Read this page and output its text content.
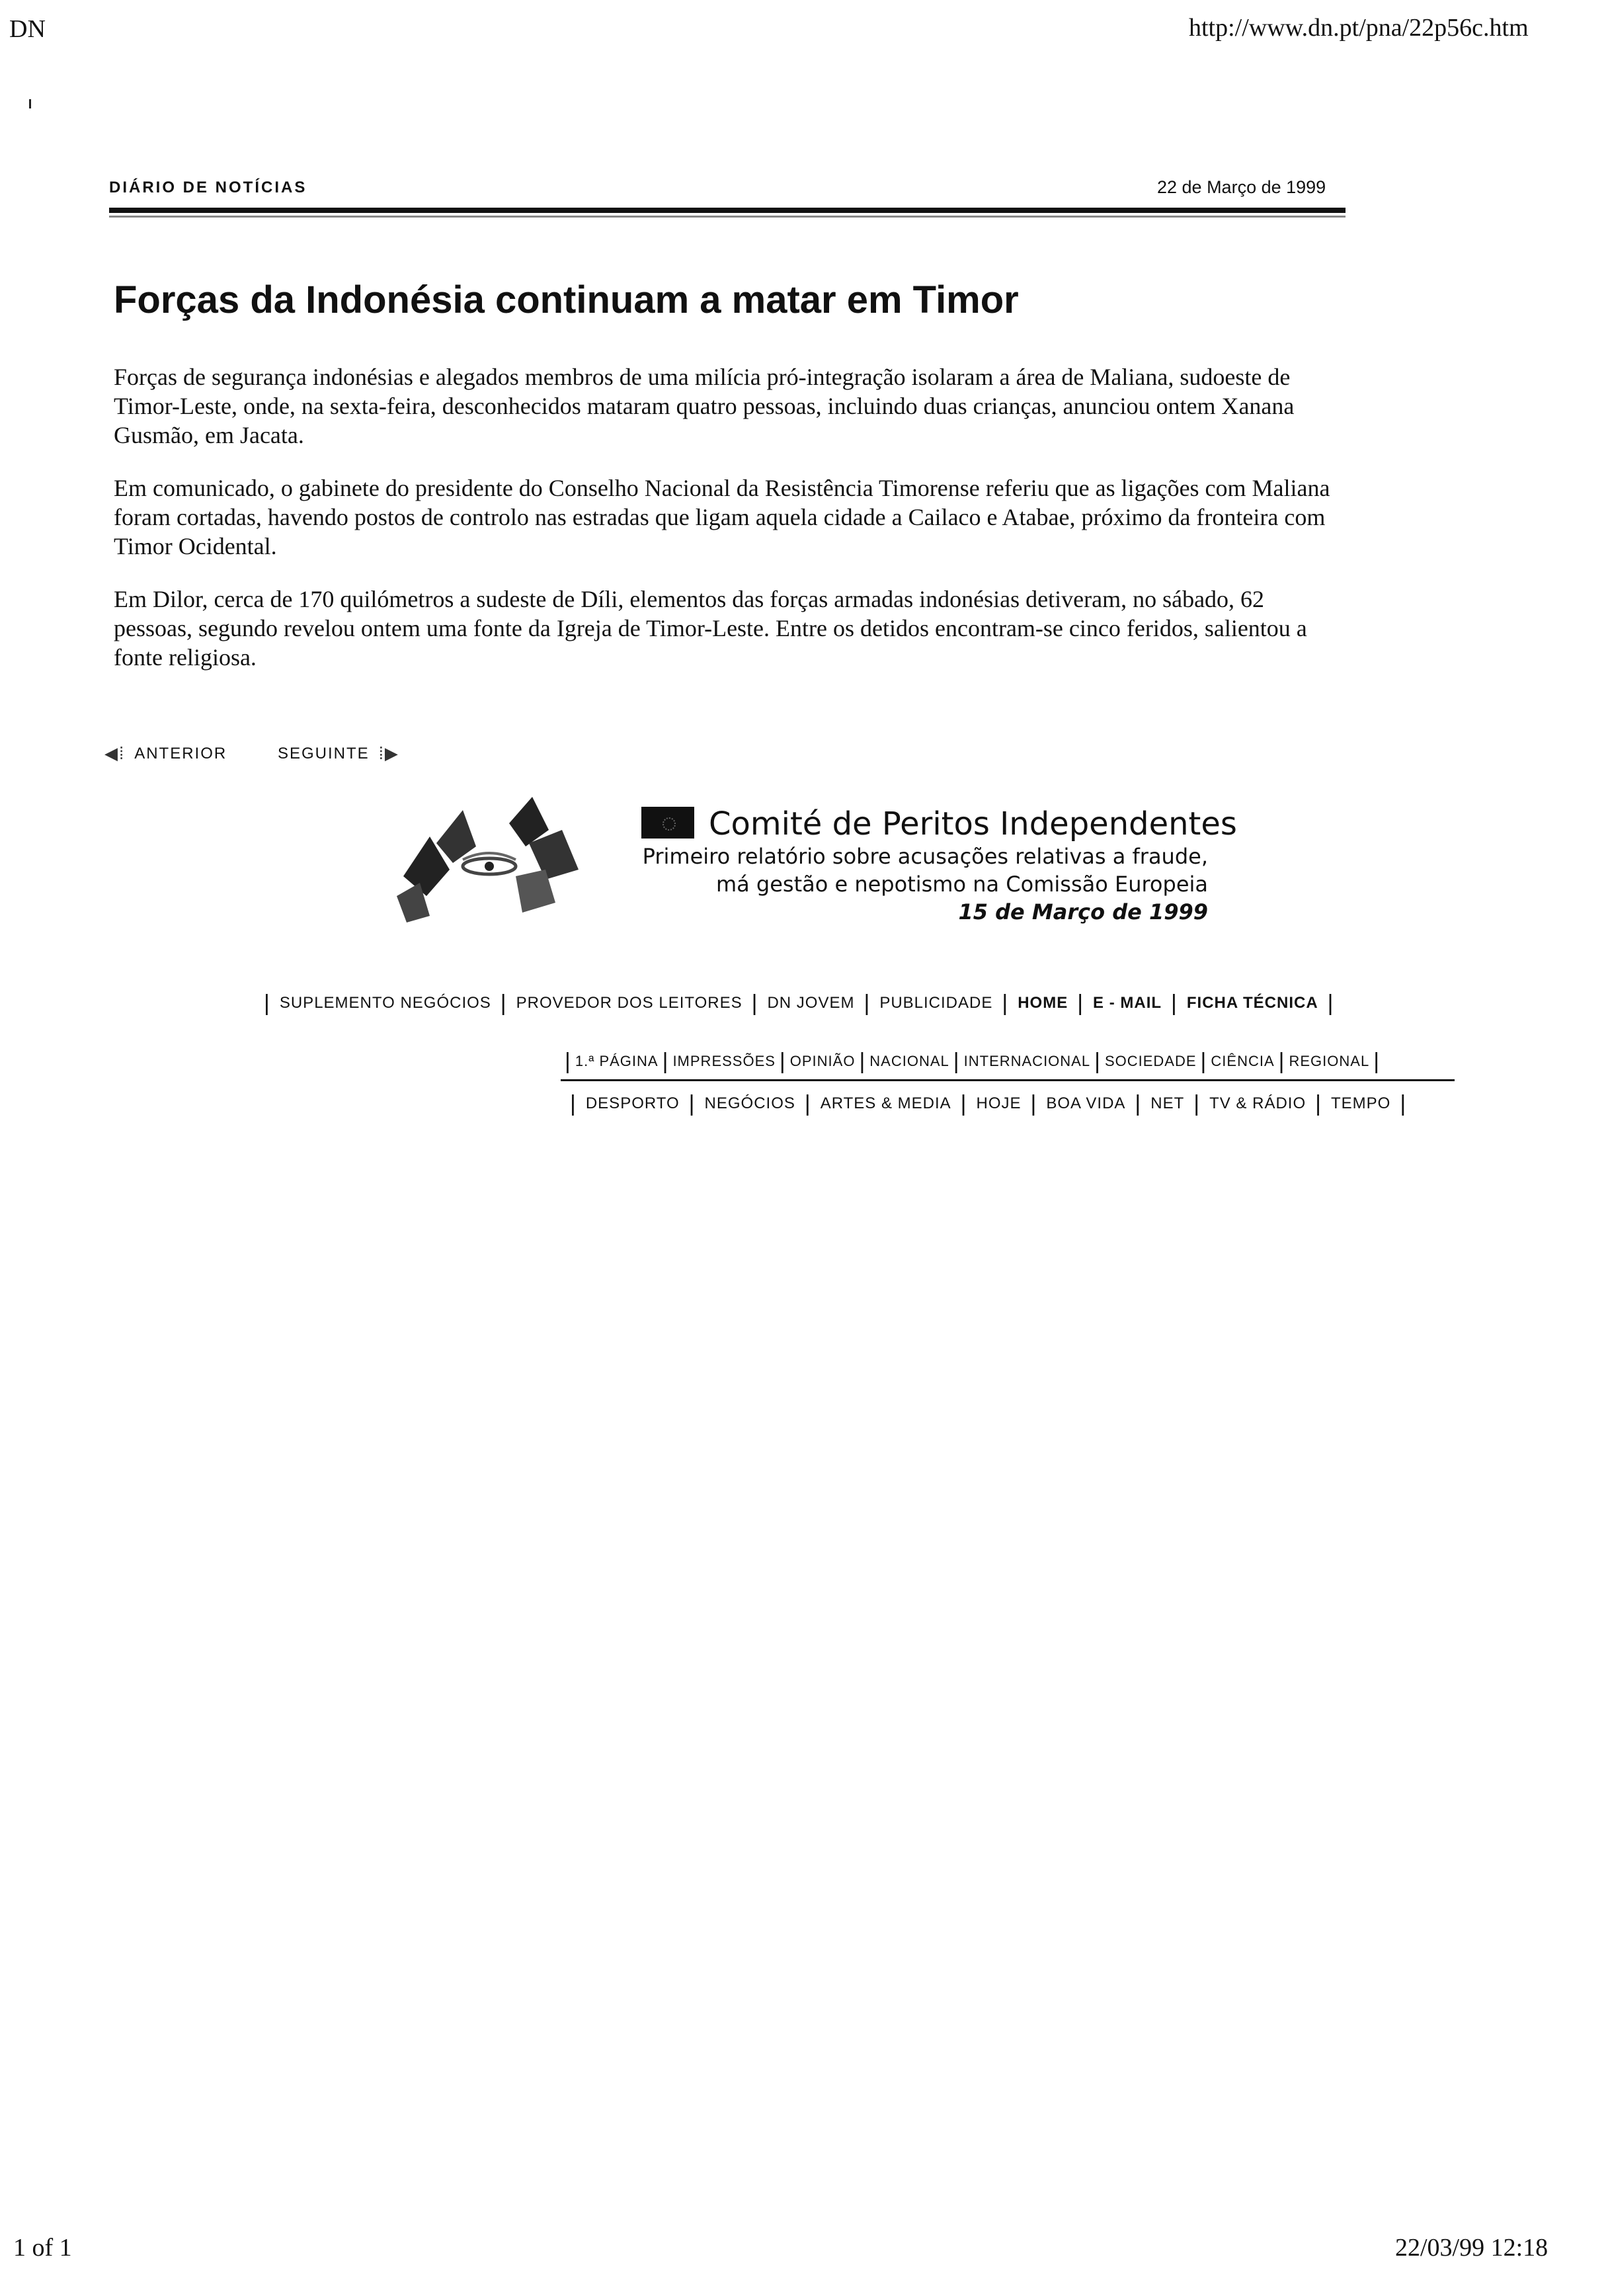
DN	http://www.dn.pt/pna/22p56c.htm
DIÁRIO DE NOTÍCIAS	22 de Março de 1999
Forças da Indonésia continuam a matar em Timor

Forças de segurança indonésias e alegados membros de uma milícia pró-integração isolaram a área de Maliana, sudoeste de Timor-Leste, onde, na sexta-feira, desconhecidos mataram quatro pessoas, incluindo duas crianças, anunciou ontem Xanana Gusmão, em Jacata.

Em comunicado, o gabinete do presidente do Conselho Nacional da Resistência Timorense referiu que as ligações com Maliana foram cortadas, havendo postos de controlo nas estradas que ligam aquela cidade a Cailaco e Atabae, próximo da fronteira com Timor Ocidental.

Em Dilor, cerca de 170 quilómetros a sudeste de Díli, elementos das forças armadas indonésias detiveram, no sábado, 62 pessoas, segundo revelou ontem uma fonte da Igreja de Timor-Leste. Entre os detidos encontram-se cinco feridos, salientou a fonte religiosa.

◀⁞ ANTERIOR	SEGUINTE ⁞▶
Comité de Peritos Independentes
Primeiro relatório sobre acusações relativas a fraude,
má gestão e nepotismo na Comissão Europeia
15 de Março de 1999
| SUPLEMENTO NEGÓCIOS | PROVEDOR DOS LEITORES | DN JOVEM | PUBLICIDADE | HOME | E - MAIL | FICHA TÉCNICA |
| 1.ª PÁGINA | IMPRESSÕES | OPINIÃO | NACIONAL | INTERNACIONAL | SOCIEDADE | CIÊNCIA | REGIONAL |
| DESPORTO | NEGÓCIOS | ARTES & MEDIA | HOJE | BOA VIDA | NET | TV & RÁDIO | TEMPO |
1 of 1	22/03/99 12:18
